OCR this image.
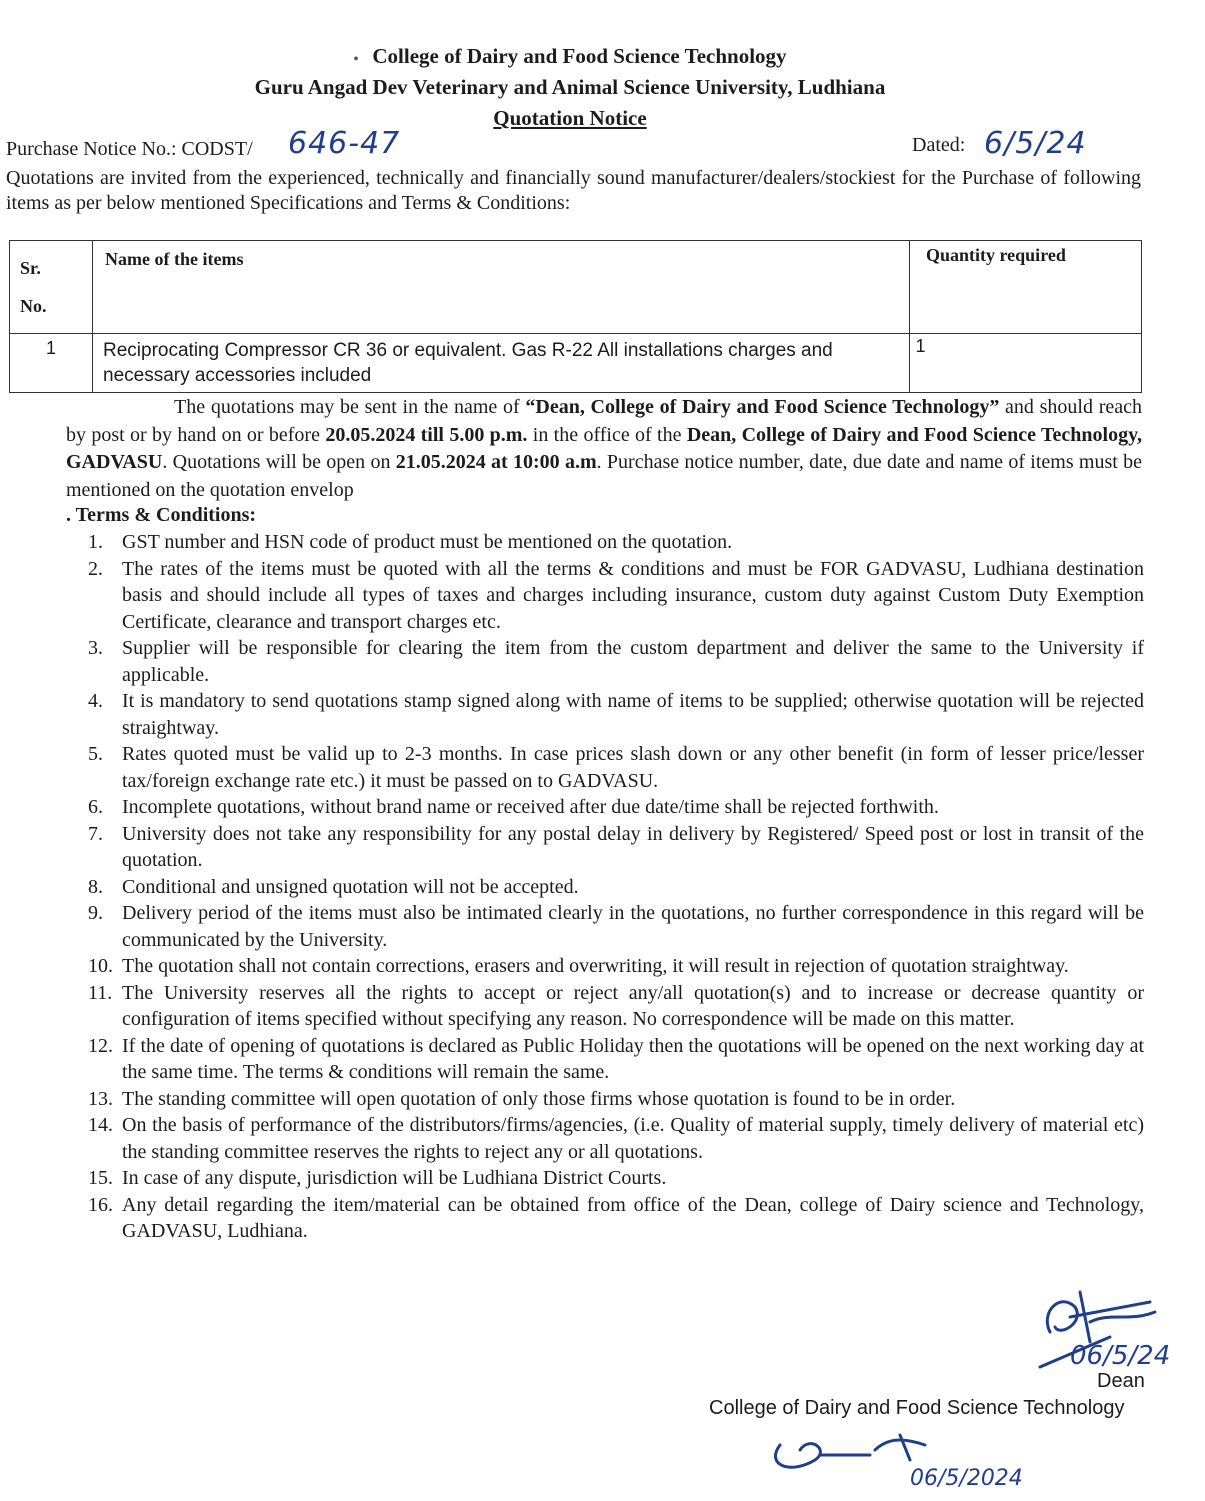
• College of Dairy and Food Science Technology
Guru Angad Dev Veterinary and Animal Science University, Ludhiana
Quotation Notice
Purchase Notice No.: CODST/ 646-47	Dated: 6/5/24

Quotations are invited from the experienced, technically and financially sound manufacturer/dealers/stockiest for the Purchase of following items as per below mentioned Specifications and Terms & Conditions:

Sr.
No.	Name of the items	Quantity required
1	Reciprocating Compressor CR 36 or equivalent. Gas R-22 All installations charges and necessary accessories included	1

The quotations may be sent in the name of “Dean, College of Dairy and Food Science Technology” and should reach by post or by hand on or before 20.05.2024 till 5.00 p.m. in the office of the Dean, College of Dairy and Food Science Technology, GADVASU. Quotations will be open on 21.05.2024 at 10:00 a.m. Purchase notice number, date, due date and name of items must be mentioned on the quotation envelop

. Terms & Conditions:
1. GST number and HSN code of product must be mentioned on the quotation.
2. The rates of the items must be quoted with all the terms & conditions and must be FOR GADVASU, Ludhiana destination basis and should include all types of taxes and charges including insurance, custom duty against Custom Duty Exemption Certificate, clearance and transport charges etc.
3. Supplier will be responsible for clearing the item from the custom department and deliver the same to the University if applicable.
4. It is mandatory to send quotations stamp signed along with name of items to be supplied; otherwise quotation will be rejected straightway.
5. Rates quoted must be valid up to 2-3 months. In case prices slash down or any other benefit (in form of lesser price/lesser tax/foreign exchange rate etc.) it must be passed on to GADVASU.
6. Incomplete quotations, without brand name or received after due date/time shall be rejected forthwith.
7. University does not take any responsibility for any postal delay in delivery by Registered/ Speed post or lost in transit of the quotation.
8. Conditional and unsigned quotation will not be accepted.
9. Delivery period of the items must also be intimated clearly in the quotations, no further correspondence in this regard will be communicated by the University.
10. The quotation shall not contain corrections, erasers and overwriting, it will result in rejection of quotation straightway.
11. The University reserves all the rights to accept or reject any/all quotation(s) and to increase or decrease quantity or configuration of items specified without specifying any reason. No correspondence will be made on this matter.
12. If the date of opening of quotations is declared as Public Holiday then the quotations will be opened on the next working day at the same time. The terms & conditions will remain the same.
13. The standing committee will open quotation of only those firms whose quotation is found to be in order.
14. On the basis of performance of the distributors/firms/agencies, (i.e. Quality of material supply, timely delivery of material etc) the standing committee reserves the rights to reject any or all quotations.
15. In case of any dispute, jurisdiction will be Ludhiana District Courts.
16. Any detail regarding the item/material can be obtained from office of the Dean, college of Dairy science and Technology, GADVASU, Ludhiana.
06/5/24
Dean
College of Dairy and Food Science Technology
06/5/2024
